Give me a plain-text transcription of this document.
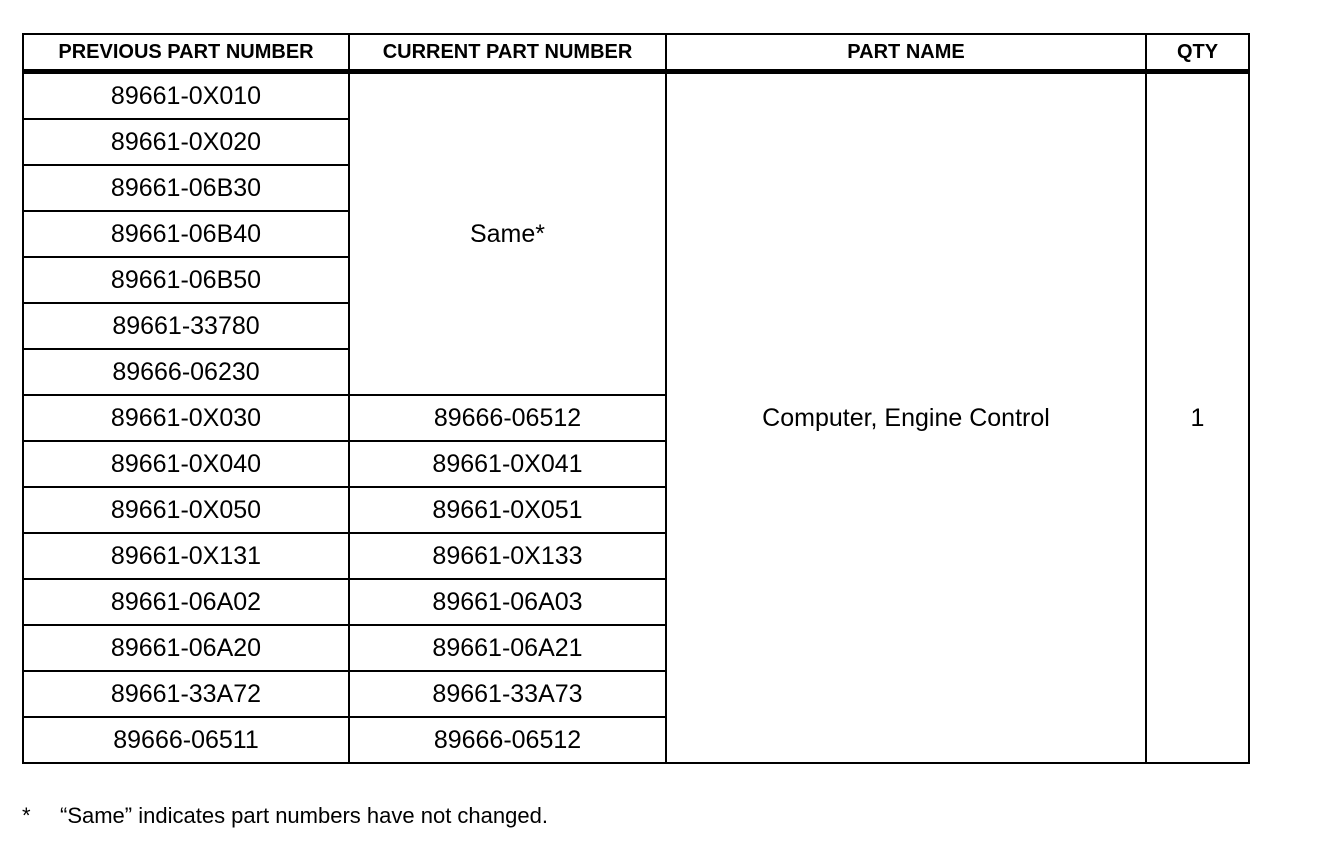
PREVIOUS PART NUMBER	CURRENT PART NUMBER	PART NAME	QTY
89661-0X010	Same*	Computer, Engine Control	1
89661-0X020			
89661-06B30			
89661-06B40			
89661-06B50			
89661-33780			
89666-06230			
89661-0X030	89666-06512		
89661-0X040	89661-0X041		
89661-0X050	89661-0X051		
89661-0X131	89661-0X133		
89661-06A02	89661-06A03		
89661-06A20	89661-06A21		
89661-33A72	89661-33A73		
89666-06511	89666-06512		
* “Same” indicates part numbers have not changed.
